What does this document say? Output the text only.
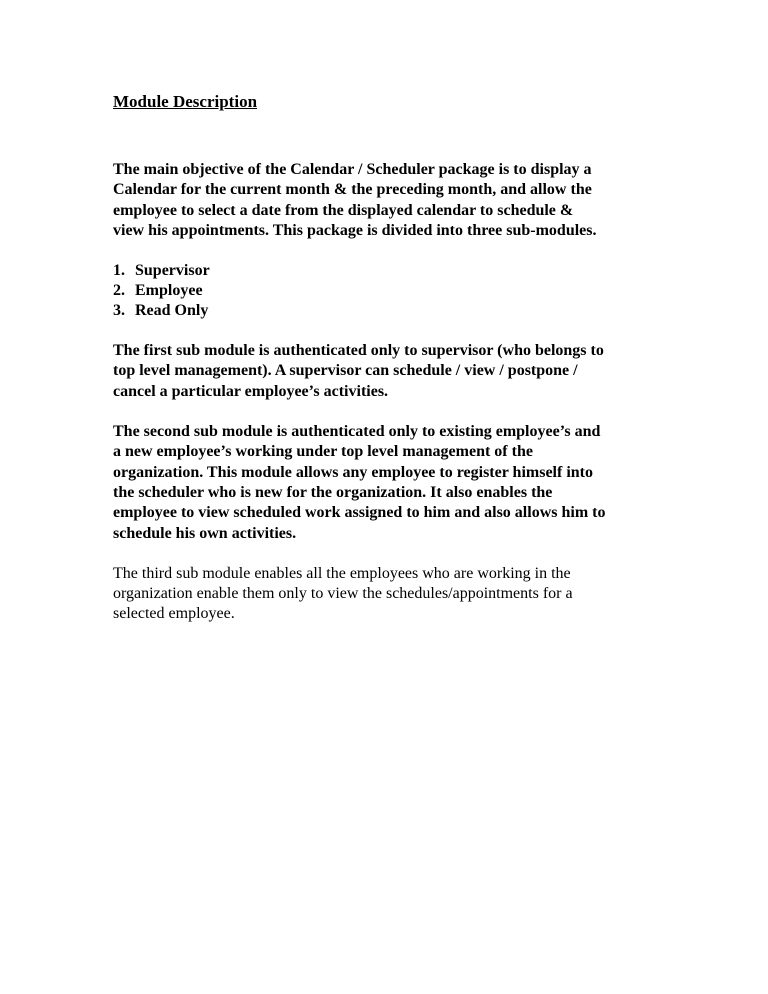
Module Description
The main objective of the Calendar / Scheduler package is to display a
Calendar for the current month & the preceding month, and allow the
employee to select a date from the displayed calendar to schedule &
view his appointments. This package is divided into three sub-modules.
1. Supervisor
2. Employee
3. Read Only
The first sub module is authenticated only to supervisor (who belongs to
top level management). A supervisor can schedule / view / postpone /
cancel a particular employee’s activities.
The second sub module is authenticated only to existing employee’s and
a new employee’s working under top level management of the
organization. This module allows any employee to register himself into
the scheduler who is new for the organization. It also enables the
employee to view scheduled work assigned to him and also allows him to
schedule his own activities.
The third sub module enables all the employees who are working in the
organization enable them only to view the schedules/appointments for a
selected employee.
